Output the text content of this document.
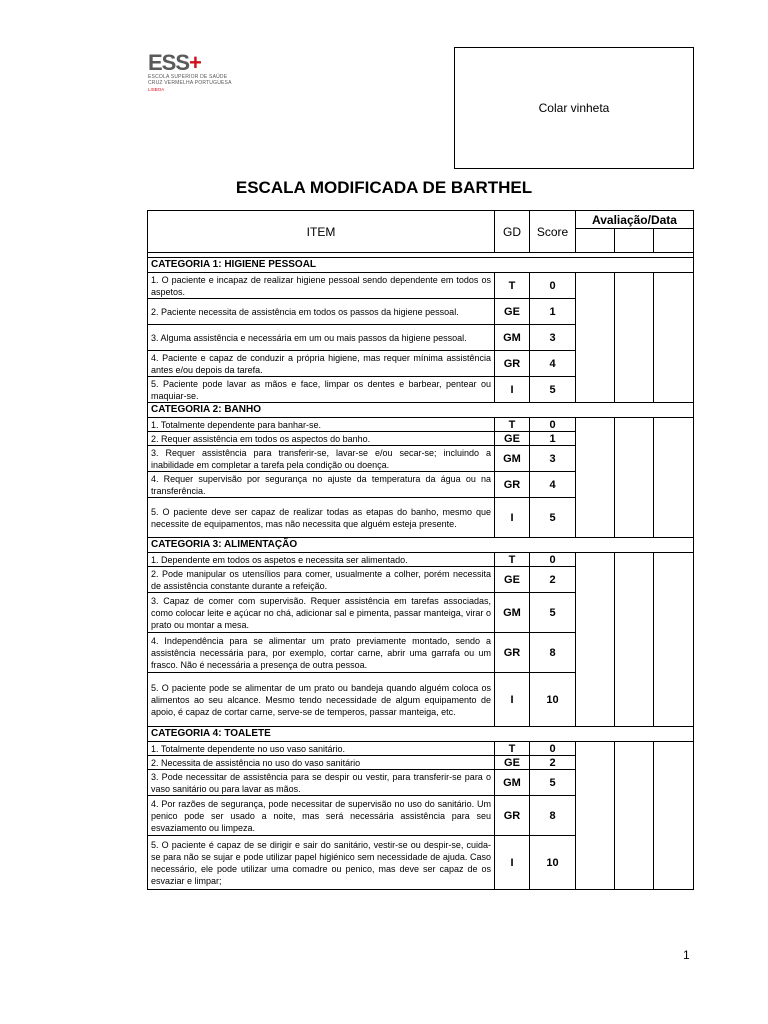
ESS+
ESCOLA SUPERIOR DE SAÚDE
CRUZ VERMELHA PORTUGUESA
LISBOA
Colar vinheta
ESCALA MODIFICADA DE BARTHEL
ITEM	GD	Score	Avaliação/Data		

CATEGORIA 1: HIGIENE PESSOAL					
1. O paciente e incapaz de realizar higiene pessoal sendo dependente em todos os aspetos.	T	0			
2. Paciente necessita de assistência em todos os passos da higiene pessoal.	GE	1			
3. Alguma assistência e necessária em um ou mais passos da higiene pessoal.	GM	3			
4. Paciente e capaz de conduzir a própria higiene, mas requer mínima assistência antes e/ou depois da tarefa.	GR	4			
5. Paciente pode lavar as mãos e face, limpar os dentes e barbear, pentear ou maquiar-se.	I	5			
CATEGORIA 2: BANHO					
1. Totalmente dependente para banhar-se.	T	0			
2. Requer assistência em todos os aspectos do banho.	GE	1			
3. Requer assistência para transferir-se, lavar-se e/ou secar-se; incluindo a inabilidade em completar a tarefa pela condição ou doença.	GM	3			
4. Requer supervisão por segurança no ajuste da temperatura da água ou na transferência.	GR	4			
5. O paciente deve ser capaz de realizar todas as etapas do banho, mesmo que necessite de equipamentos, mas não necessita que alguém esteja presente.	I	5			
CATEGORIA 3: ALIMENTAÇÃO					
1. Dependente em todos os aspetos e necessita ser alimentado.	T	0			
2. Pode manipular os utensílios para comer, usualmente a colher, porém necessita de assistência constante durante a refeição.	GE	2			
3. Capaz de comer com supervisão. Requer assistência em tarefas associadas, como colocar leite e açúcar no chá, adicionar sal e pimenta, passar manteiga, virar o prato ou montar a mesa.	GM	5			
4. Independência para se alimentar um prato previamente montado, sendo a assistência necessária para, por exemplo, cortar carne, abrir uma garrafa ou um frasco. Não é necessária a presença de outra pessoa.	GR	8			
5. O paciente pode se alimentar de um prato ou bandeja quando alguém coloca os alimentos ao seu alcance. Mesmo tendo necessidade de algum equipamento de apoio, é capaz de cortar carne, serve-se de temperos, passar manteiga, etc.	I	10			
CATEGORIA 4: TOALETE					
1. Totalmente dependente no uso vaso sanitário.	T	0			
2. Necessita de assistência no uso do vaso sanitário	GE	2			
3. Pode necessitar de assistência para se despir ou vestir, para transferir-se para o vaso sanitário ou para lavar as mãos.	GM	5			
4. Por razões de segurança, pode necessitar de supervisão no uso do sanitário. Um penico pode ser usado a noite, mas será necessária assistência para seu esvaziamento ou limpeza.	GR	8			
5. O paciente é capaz de se dirigir e sair do sanitário, vestir-se ou despir-se, cuida-se para não se sujar e pode utilizar papel higiénico sem necessidade de ajuda. Caso necessário, ele pode utilizar uma comadre ou penico, mas deve ser capaz de os esvaziar e limpar;	I	10			
1
